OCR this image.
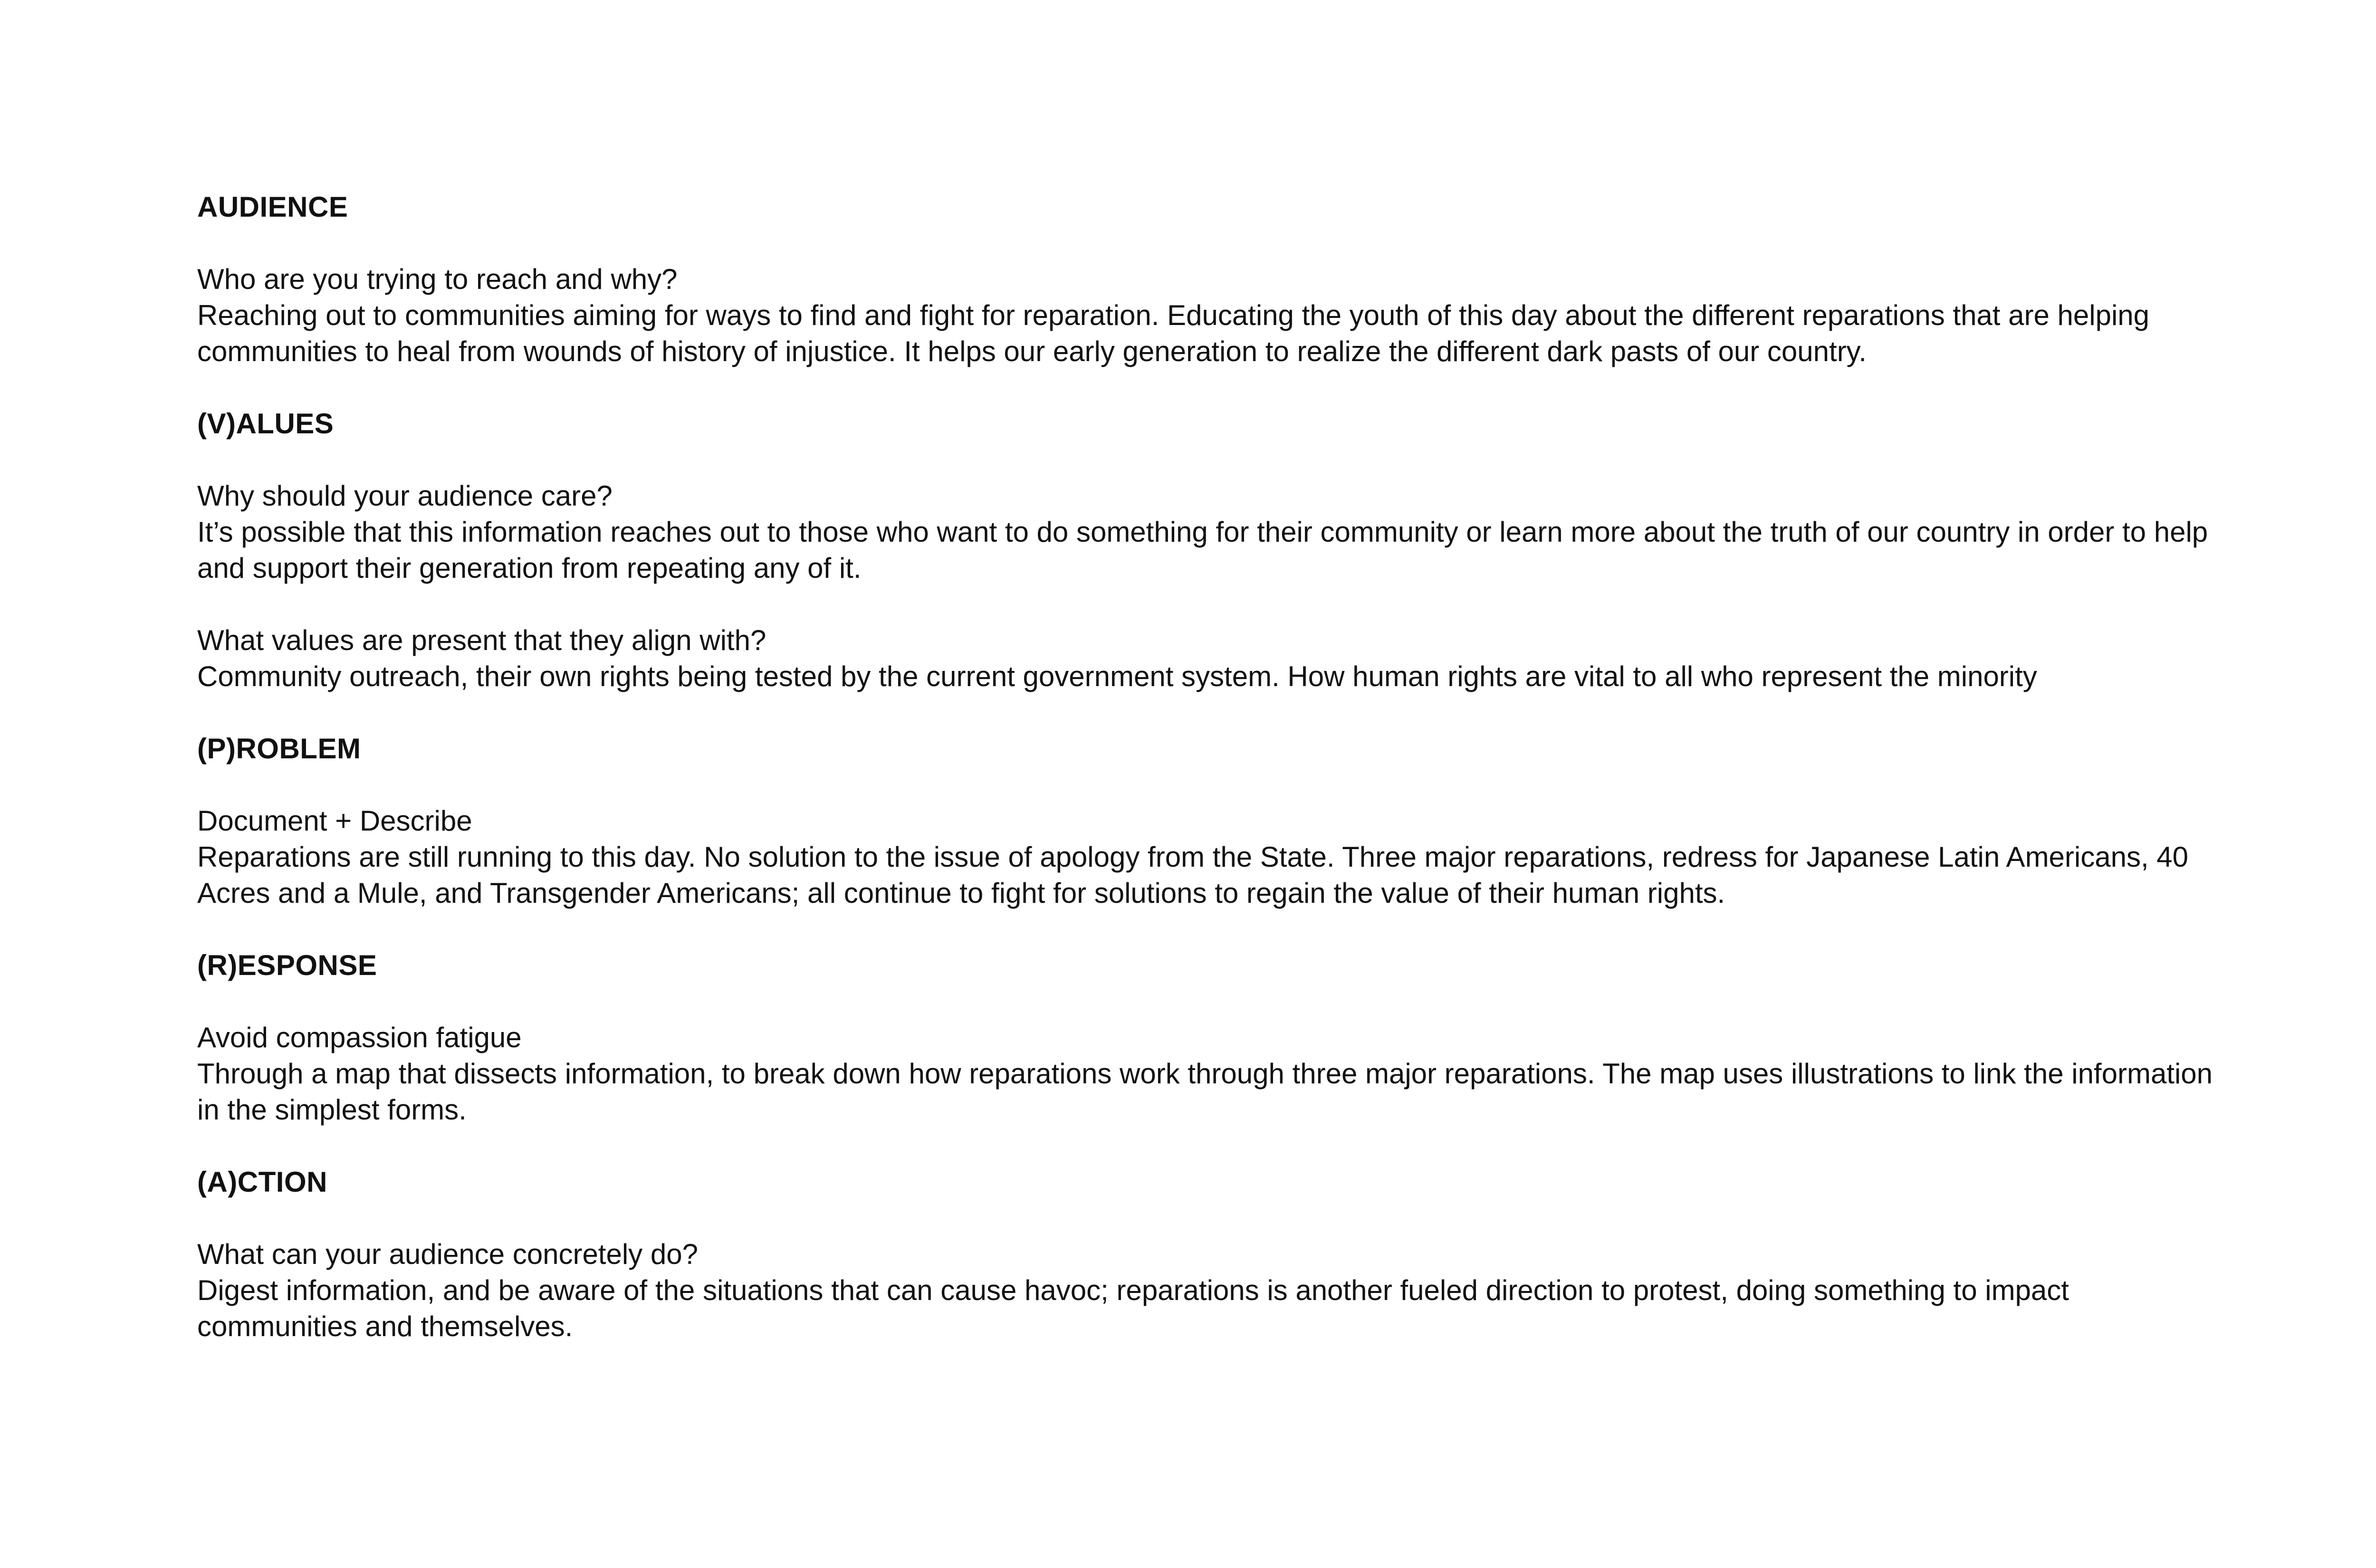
AUDIENCE

Who are you trying to reach and why?

Reaching out to communities aiming for ways to find and fight for reparation. Educating the youth of this day about the different reparations that are helping communities to heal from wounds of history of injustice. It helps our early generation to realize the different dark pasts of our country.

(V)ALUES

Why should your audience care?

It’s possible that this information reaches out to those who want to do something for their community or learn more about the truth of our country in order to help and support their generation from repeating any of it.

What values are present that they align with?

Community outreach, their own rights being tested by the current government system. How human rights are vital to all who represent the minority

(P)ROBLEM

Document + Describe

Reparations are still running to this day. No solution to the issue of apology from the State. Three major reparations, redress for Japanese Latin Americans, 40 Acres and a Mule, and Transgender Americans; all continue to fight for solutions to regain the value of their human rights.

(R)ESPONSE

Avoid compassion fatigue

Through a map that dissects information, to break down how reparations work through three major reparations. The map uses illustrations to link the information in the simplest forms.

(A)CTION

What can your audience concretely do?

Digest information, and be aware of the situations that can cause havoc; reparations is another fueled direction to protest, doing something to impact communities and themselves.
